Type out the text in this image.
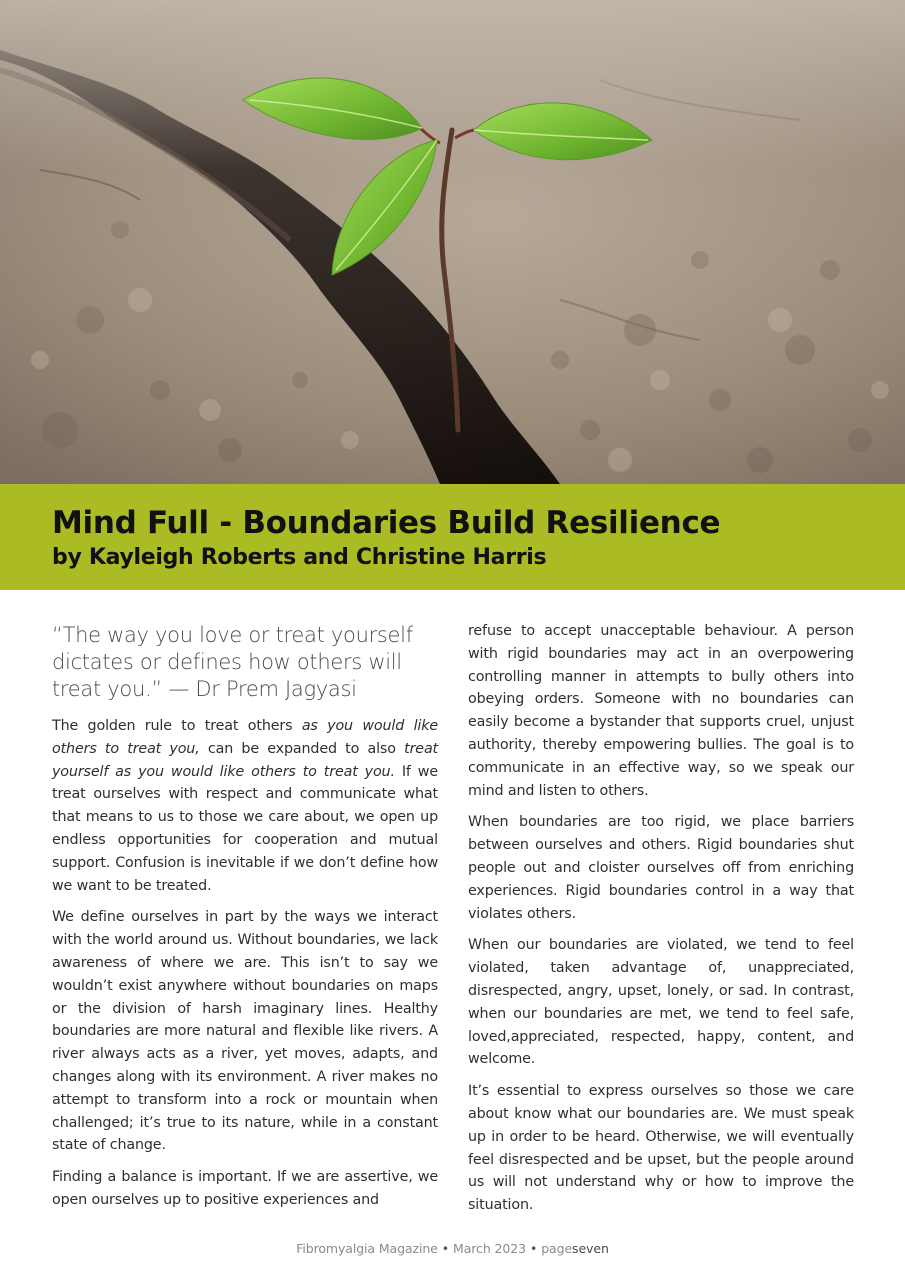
Mind Full - Boundaries Build Resilience
by Kayleigh Roberts and Christine Harris

“The way you love or treat yourself dictates or defines how others will treat you.” — Dr Prem Jagyasi

The golden rule to treat others as you would like others to treat you, can be expanded to also treat yourself as you would like others to treat you. If we treat ourselves with respect and communicate what that means to us to those we care about, we open up endless opportunities for cooperation and mutual support. Confusion is inevitable if we don’t define how we want to be treated.

We define ourselves in part by the ways we interact with the world around us. Without boundaries, we lack awareness of where we are. This isn’t to say we wouldn’t exist anywhere without boundaries on maps or the division of harsh imaginary lines. Healthy boundaries are more natural and flexible like rivers. A river always acts as a river, yet moves, adapts, and changes along with its environment. A river makes no attempt to transform into a rock or mountain when challenged; it’s true to its nature, while in a constant state of change.

Finding a balance is important. If we are assertive, we open ourselves up to positive experiences and

refuse to accept unacceptable behaviour. A person with rigid boundaries may act in an overpowering controlling manner in attempts to bully others into obeying orders. Someone with no boundaries can easily become a bystander that supports cruel, unjust authority, thereby empowering bullies. The goal is to communicate in an effective way, so we speak our mind and listen to others.

When boundaries are too rigid, we place barriers between ourselves and others. Rigid boundaries shut people out and cloister ourselves off from enriching experiences. Rigid boundaries control in a way that violates others.

When our boundaries are violated, we tend to feel violated, taken advantage of, unappreciated, disrespected, angry, upset, lonely, or sad. In contrast, when our boundaries are met, we tend to feel safe, loved,appreciated, respected, happy, content, and welcome.

It’s essential to express ourselves so those we care about know what our boundaries are. We must speak up in order to be heard. Otherwise, we will eventually feel disrespected and be upset, but the people around us will not understand why or how to improve the situation.

Fibromyalgia Magazine • March 2023 • pageseven
